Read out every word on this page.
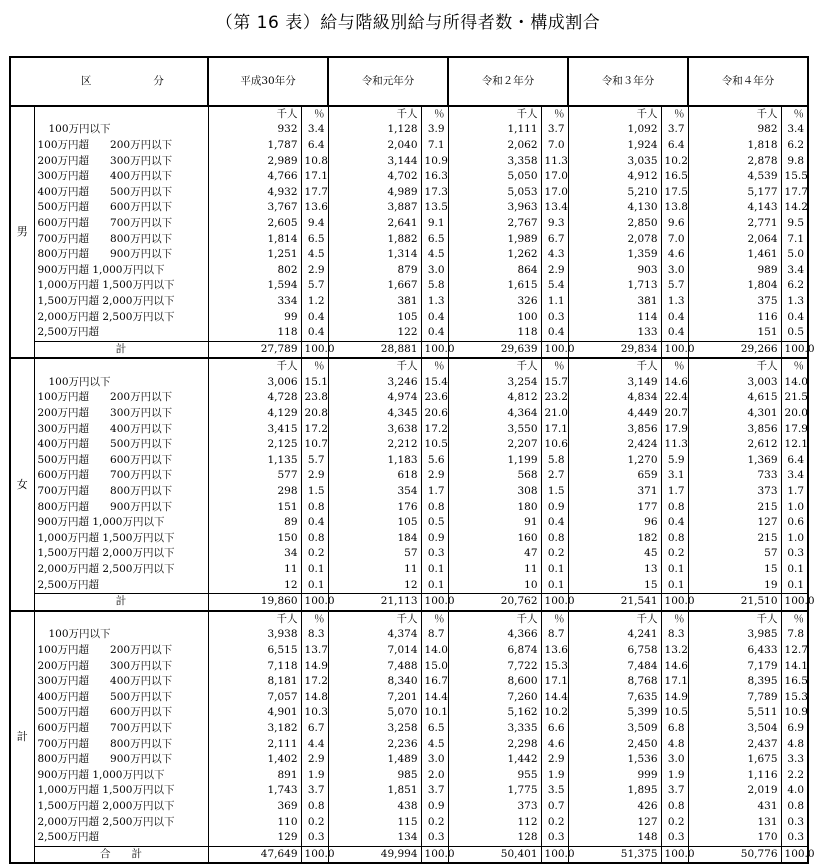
（第 16 表）給与階級別給与所得者数・構成割合

区 分		平成30年分		令和元年分		令和２年分		令和３年分		令和４年分	
男		千人	％	千人	％	千人	％	千人	％	千人	％
	100万円以下	932	3.4	1,128	3.9	1,111	3.7	1,092	3.7	982	3.4
	100万円超　　200万円以下	1,787	6.4	2,040	7.1	2,062	7.0	1,924	6.4	1,818	6.2
	200万円超　　300万円以下	2,989	10.8	3,144	10.9	3,358	11.3	3,035	10.2	2,878	9.8
	300万円超　　400万円以下	4,766	17.1	4,702	16.3	5,050	17.0	4,912	16.5	4,539	15.5
	400万円超　　500万円以下	4,932	17.7	4,989	17.3	5,053	17.0	5,210	17.5	5,177	17.7
	500万円超　　600万円以下	3,767	13.6	3,887	13.5	3,963	13.4	4,130	13.8	4,143	14.2
	600万円超　　700万円以下	2,605	9.4	2,641	9.1	2,767	9.3	2,850	9.6	2,771	9.5
	700万円超　　800万円以下	1,814	6.5	1,882	6.5	1,989	6.7	2,078	7.0	2,064	7.1
	800万円超　　900万円以下	1,251	4.5	1,314	4.5	1,262	4.3	1,359	4.6	1,461	5.0
	900万円超 1,000万円以下	802	2.9	879	3.0	864	2.9	903	3.0	989	3.4
	1,000万円超 1,500万円以下	1,594	5.7	1,667	5.8	1,615	5.4	1,713	5.7	1,804	6.2
	1,500万円超 2,000万円以下	334	1.2	381	1.3	326	1.1	381	1.3	375	1.3
	2,000万円超 2,500万円以下	99	0.4	105	0.4	100	0.3	114	0.4	116	0.4
	2,500万円超	118	0.4	122	0.4	118	0.4	133	0.4	151	0.5
	計	27,789	100.0	28,881	100.0	29,639	100.0	29,834	100.0	29,266	100.0
女		千人	％	千人	％	千人	％	千人	％	千人	％
	100万円以下	3,006	15.1	3,246	15.4	3,254	15.7	3,149	14.6	3,003	14.0
	100万円超　　200万円以下	4,728	23.8	4,974	23.6	4,812	23.2	4,834	22.4	4,615	21.5
	200万円超　　300万円以下	4,129	20.8	4,345	20.6	4,364	21.0	4,449	20.7	4,301	20.0
	300万円超　　400万円以下	3,415	17.2	3,638	17.2	3,550	17.1	3,856	17.9	3,856	17.9
	400万円超　　500万円以下	2,125	10.7	2,212	10.5	2,207	10.6	2,424	11.3	2,612	12.1
	500万円超　　600万円以下	1,135	5.7	1,183	5.6	1,199	5.8	1,270	5.9	1,369	6.4
	600万円超　　700万円以下	577	2.9	618	2.9	568	2.7	659	3.1	733	3.4
	700万円超　　800万円以下	298	1.5	354	1.7	308	1.5	371	1.7	373	1.7
	800万円超　　900万円以下	151	0.8	176	0.8	180	0.9	177	0.8	215	1.0
	900万円超 1,000万円以下	89	0.4	105	0.5	91	0.4	96	0.4	127	0.6
	1,000万円超 1,500万円以下	150	0.8	184	0.9	160	0.8	182	0.8	215	1.0
	1,500万円超 2,000万円以下	34	0.2	57	0.3	47	0.2	45	0.2	57	0.3
	2,000万円超 2,500万円以下	11	0.1	11	0.1	11	0.1	13	0.1	15	0.1
	2,500万円超	12	0.1	12	0.1	10	0.1	15	0.1	19	0.1
	計	19,860	100.0	21,113	100.0	20,762	100.0	21,541	100.0	21,510	100.0
計		千人	％	千人	％	千人	％	千人	％	千人	％
	100万円以下	3,938	8.3	4,374	8.7	4,366	8.7	4,241	8.3	3,985	7.8
	100万円超　　200万円以下	6,515	13.7	7,014	14.0	6,874	13.6	6,758	13.2	6,433	12.7
	200万円超　　300万円以下	7,118	14.9	7,488	15.0	7,722	15.3	7,484	14.6	7,179	14.1
	300万円超　　400万円以下	8,181	17.2	8,340	16.7	8,600	17.1	8,768	17.1	8,395	16.5
	400万円超　　500万円以下	7,057	14.8	7,201	14.4	7,260	14.4	7,635	14.9	7,789	15.3
	500万円超　　600万円以下	4,901	10.3	5,070	10.1	5,162	10.2	5,399	10.5	5,511	10.9
	600万円超　　700万円以下	3,182	6.7	3,258	6.5	3,335	6.6	3,509	6.8	3,504	6.9
	700万円超　　800万円以下	2,111	4.4	2,236	4.5	2,298	4.6	2,450	4.8	2,437	4.8
	800万円超　　900万円以下	1,402	2.9	1,489	3.0	1,442	2.9	1,536	3.0	1,675	3.3
	900万円超 1,000万円以下	891	1.9	985	2.0	955	1.9	999	1.9	1,116	2.2
	1,000万円超 1,500万円以下	1,743	3.7	1,851	3.7	1,775	3.5	1,895	3.7	2,019	4.0
	1,500万円超 2,000万円以下	369	0.8	438	0.9	373	0.7	426	0.8	431	0.8
	2,000万円超 2,500万円以下	110	0.2	115	0.2	112	0.2	127	0.2	131	0.3
	2,500万円超	129	0.3	134	0.3	128	0.3	148	0.3	170	0.3
	合　　計	47,649	100.0	49,994	100.0	50,401	100.0	51,375	100.0	50,776	100.0
